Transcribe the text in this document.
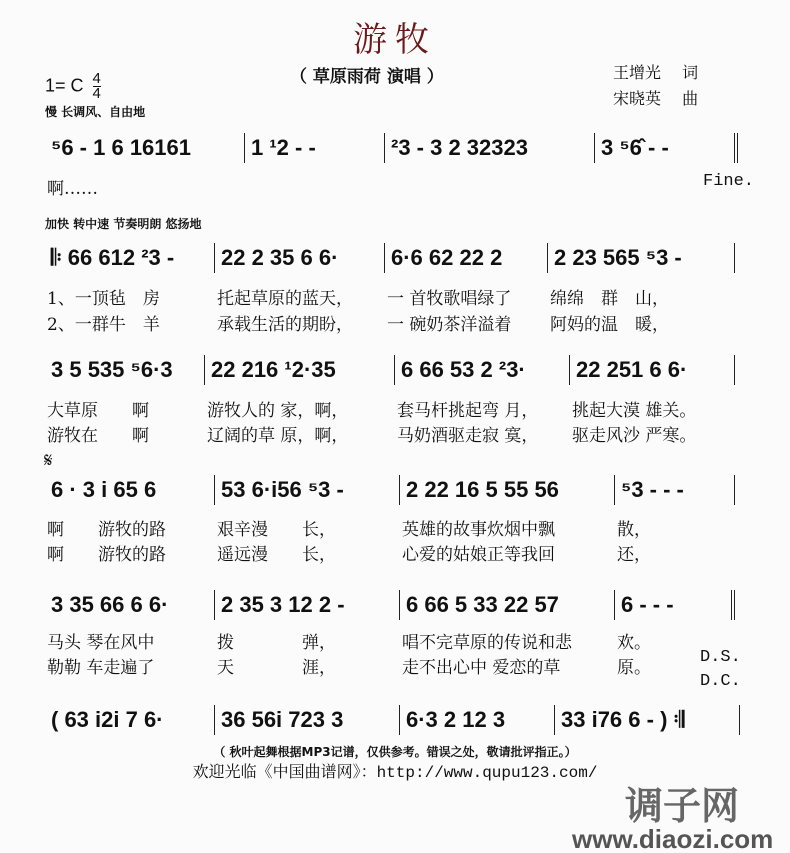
游牧
（ 草原雨荷 演唱 ）	王增光　 词
宋晓英　 曲
1= C $\frac{4}{4}$
慢 长调风、自由地
加快 转中速 节奏明朗 悠扬地
𝄋
Fine.
D.S.
D.C.
⁵6 - 1 6 16161	1 ¹2 - -	²3 - 3 2 32323	3 ⁵6̂ - -
啊……
𝄆 66 612 ²3 -	22 2 35 6 6·	6·6 62 22 2	2 23 565 ⁵3 -
1、一顶毡　房	托起草原的蓝天，	一 首牧歌唱绿了	绵绵　群　山，
2、一群牛　羊	承载生活的期盼，	一 碗奶茶洋溢着	阿妈的温　暖，
3 5 535 ⁵6·3	22 216 ¹2·35	6 66 53 2 ²3·	22 251 6 6·
大草原　　啊	游牧人的 家，啊，	套马杆挑起弯 月，	挑起大漠 雄关。
游牧在　　啊	辽阔的草 原，啊，	马奶酒驱走寂 寞，	驱走风沙 严寒。
6 · 3 i 65 6	53 6·i56 ⁵3 -	2 22 16 5 55 56	⁵3 - - -
啊　　游牧的路	艰辛漫　　长，	英雄的故事炊烟中飘	散，
啊　　游牧的路	遥远漫　　长，	心爱的姑娘正等我回	还，
3 35 66 6 6·	2 35 3 12 2 -	6 66 5 33 22 57	6 - - -
马头 琴在风中	拨　　　　弹，	唱不完草原的传说和悲	欢。
勒勒 车走遍了	天　　　　涯，	走不出心中 爱恋的草	原。
( 63 i2i 7 6·	36 56i 723 3	6·3 2 12 3	33 i76 6 - ) 𝄇
（ 秋叶起舞根据MP3记谱，仅供参考。错误之处，敬请批评指正。）
欢迎光临《中国曲谱网》：http://www.qupu123.com/
调子网
www.diaozi.com
